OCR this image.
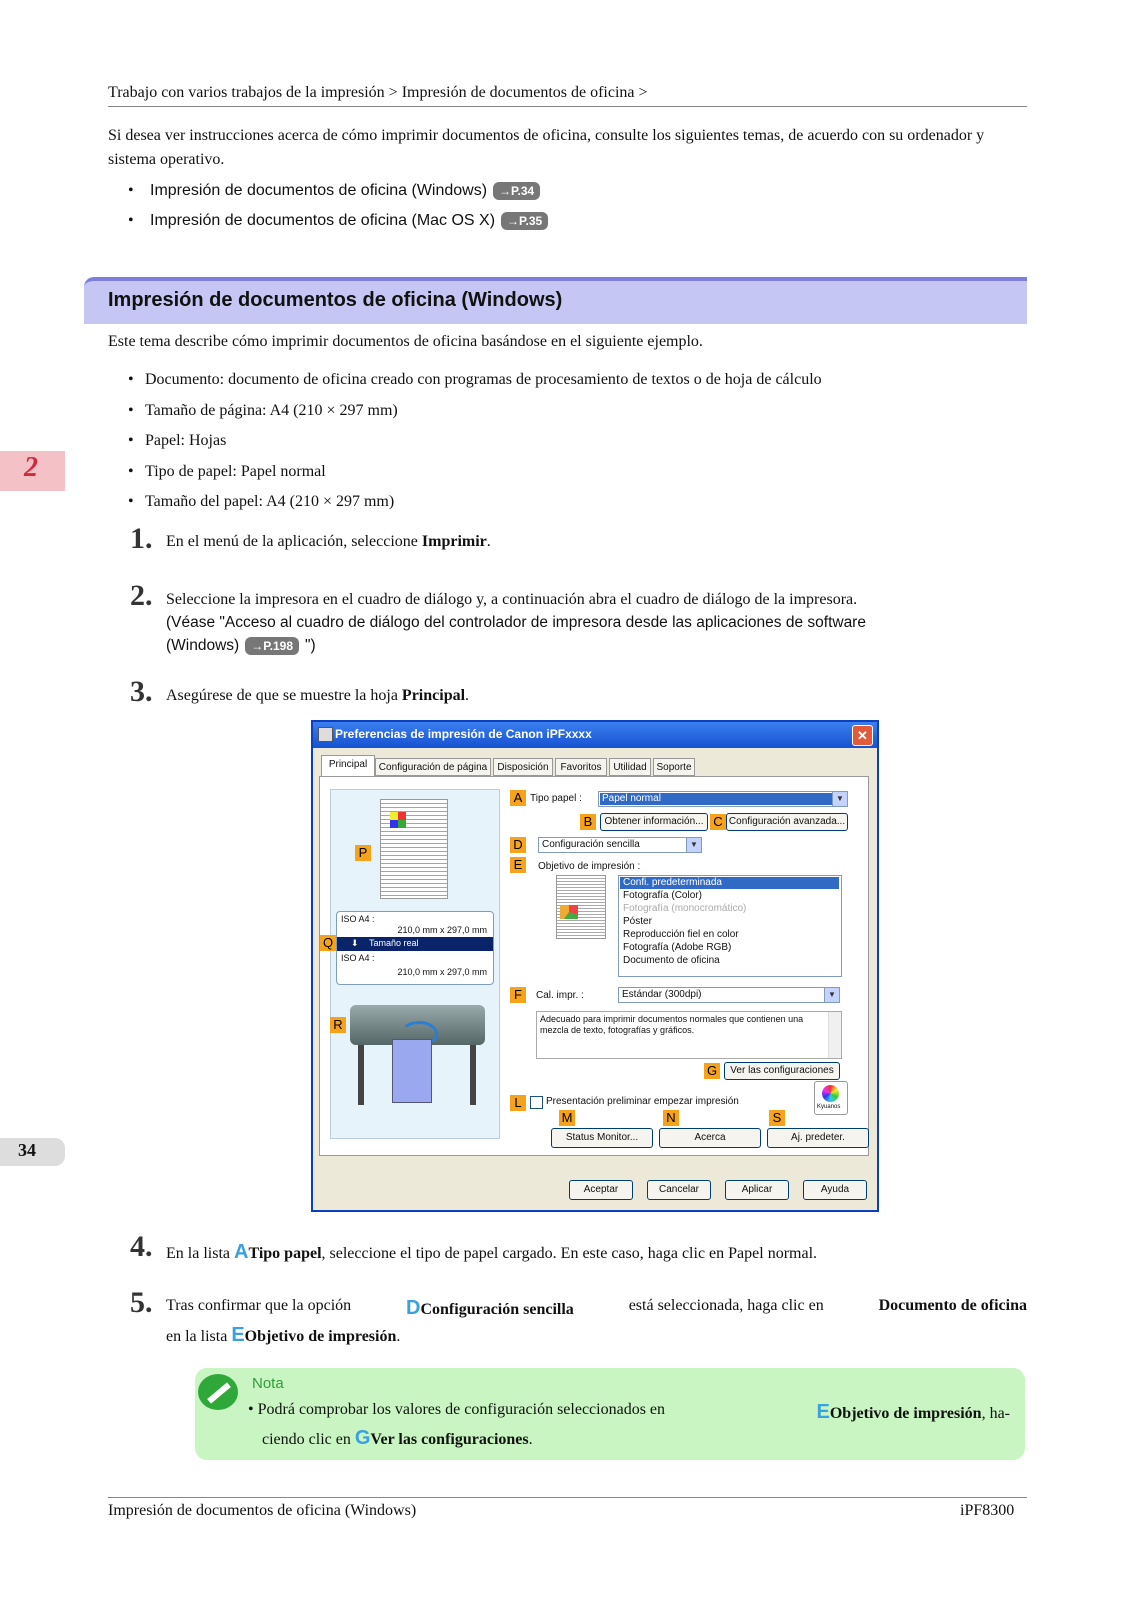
Trabajo con varios trabajos de la impresión > Impresión de documentos de oficina >
Si desea ver instrucciones acerca de cómo imprimir documentos de oficina, consulte los siguientes temas, de acuerdo con su ordenador y sistema operativo.
•	Impresión de documentos de oficina (Windows)	→P.34
•	Impresión de documentos de oficina (Mac OS X)	→P.35
Impresión de documentos de oficina (Windows)
Este tema describe cómo imprimir documentos de oficina basándose en el siguiente ejemplo.
• Documento: documento de oficina creado con programas de procesamiento de textos o de hoja de cálculo
• Tamaño de página: A4 (210 × 297 mm)
• Papel: Hojas
• Tipo de papel: Papel normal
• Tamaño del papel: A4 (210 × 297 mm)
2
34
1. En el menú de la aplicación, seleccione Imprimir.
2. Seleccione la impresora en el cuadro de diálogo y, a continuación abra el cuadro de diálogo de la impresora.
(Véase "Acceso al cuadro de diálogo del controlador de impresora desde las aplicaciones de software
(Windows)	→P.198 ")
3. Asegúrese de que se muestre la hoja Principal.
Preferencias de impresión de Canon iPFxxxx	✕
Principal	Configuración de página	Disposición	Favoritos	Utilidad Soporte
P
ISO A4 :
210,0 mm x 297,0 mm
⬇ Tamaño real
ISO A4 :
210,0 mm x 297,0 mm
Q
R
A Tipo papel : Papel normal	▼
B	Obtener información... C Configuración avanzada...
D	Configuración sencilla	▼
E	Objetivo de impresión :
Confi. predeterminada
Fotografía (Color)
Fotografía (monocromático)
Póster
Reproducción fiel en color
Fotografía (Adobe RGB)
Documento de oficina
F	Cal. impr. :	Estándar (300dpi)	▼
Adecuado para imprimir documentos normales que contienen una mezcla de texto, fotografías y gráficos.
G	Ver las configuraciones
L	Presentación preliminar empezar impresión	Kyuanos
M	N	S
Status Monitor...	Acerca	Aj. predeter.
Aceptar	Cancelar	Aplicar	Ayuda
4. En la lista ATipo papel, seleccione el tipo de papel cargado. En este caso, haga clic en Papel normal.
5. Tras confirmar que la opción	DConfiguración sencilla	está seleccionada, haga clic en	Documento de oficina
en la lista EObjetivo de impresión.
Nota
• Podrá comprobar los valores de configuración seleccionados en	EObjetivo de impresión, ha-
ciendo clic en GVer las configuraciones.
Impresión de documentos de oficina (Windows)	iPF8300
